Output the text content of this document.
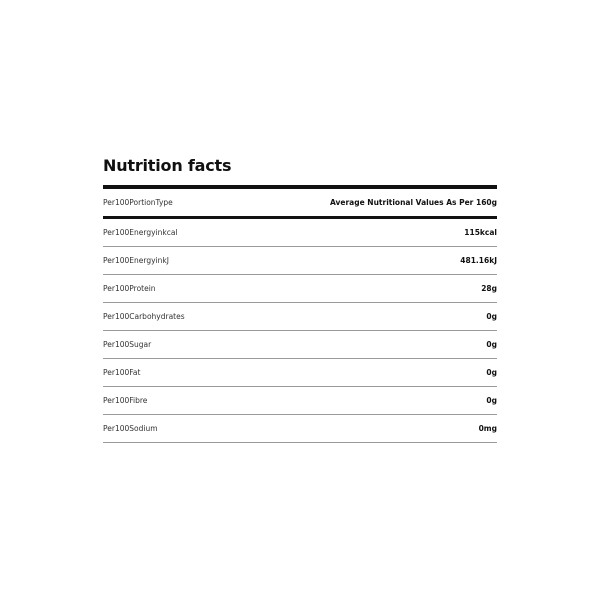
Nutrition facts
Per100PortionType	Average Nutritional Values As Per 160g
Per100Energyinkcal	115kcal
Per100EnergyinkJ	481.16kJ
Per100Protein	28g
Per100Carbohydrates	0g
Per100Sugar	0g
Per100Fat	0g
Per100Fibre	0g
Per100Sodium	0mg
